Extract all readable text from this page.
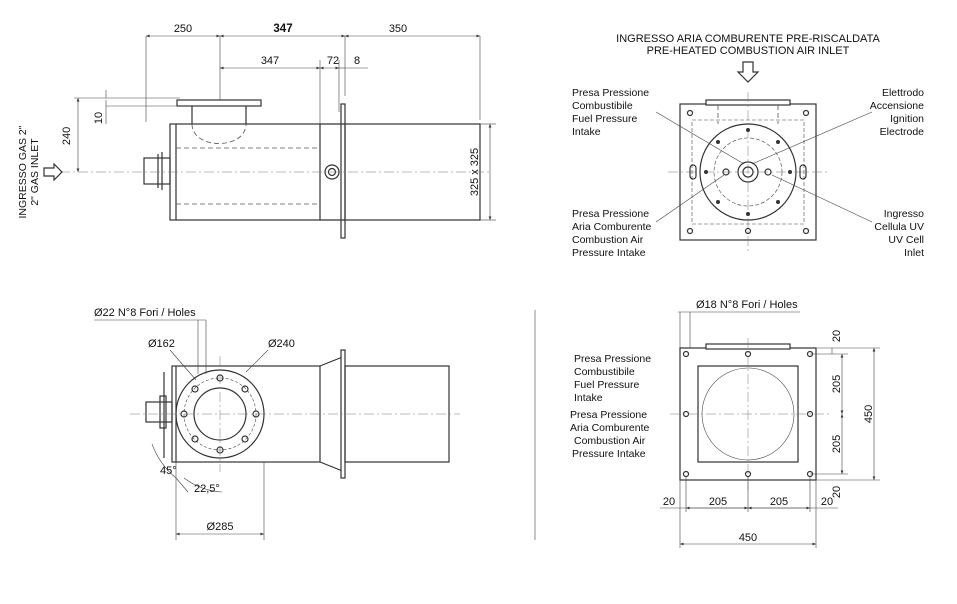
250	347	350
347	72 8
240
10
325 x 325
INGRESSO GAS 2" 2" GAS INLET
INGRESSO ARIA COMBURENTE PRE-RISCALDATA
PRE-HEATED COMBUSTION AIR INLET
Presa Pressione
Combustibile
Fuel Pressure
Intake
Presa Pressione
Aria Comburente
Combustion Air
Pressure Intake
Elettrodo
Accensione
Ignition
Electrode
Ingresso
Cellula UV
UV Cell
Inlet
Ø22 N°8 Fori / Holes
Ø162	Ø240
45°
22,5°
Ø285
Ø18 N°8 Fori / Holes
Presa Pressione
Combustibile
Fuel Pressure
Intake
Presa Pressione
Aria Comburente
Combustion Air
Pressure Intake
20
205
205
20
450
20	205	205	20
450
